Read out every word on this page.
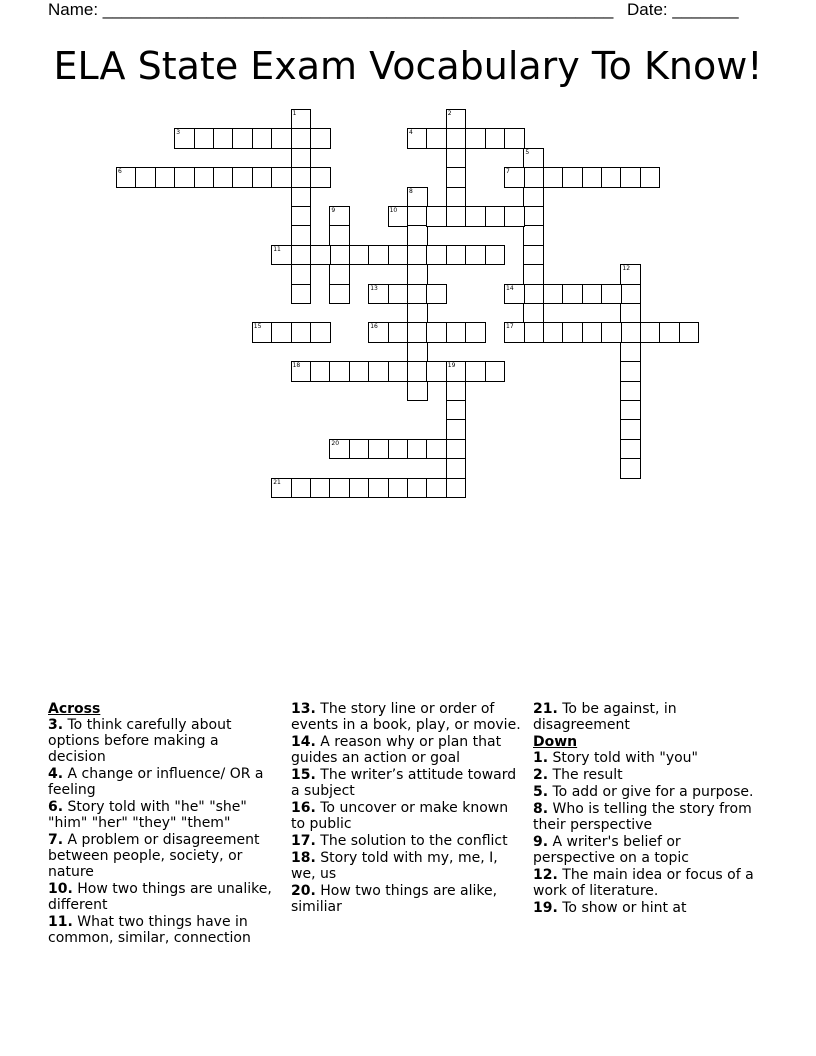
Name: ______________________________________________________ Date: _______
ELA State Exam Vocabulary To Know!
1	2
3	4
5
6	7
8
9	10
11
12
13	14
15	16	17
18	19
20
21
Across
3. To think carefully about options before making a decision
4. A change or influence/ OR a feeling
6. Story told with "he" "she" "him" "her" "they" "them"
7. A problem or disagreement between people, society, or nature
10. How two things are unalike, different
11. What two things have in common, similar, connection
13. The story line or order of events in a book, play, or movie.
14. A reason why or plan that guides an action or goal
15. The writer’s attitude toward a subject
16. To uncover or make known to public
17. The solution to the conflict
18. Story told with my, me, I, we, us
20. How two things are alike, similiar
21. To be against, in disagreement
Down
1. Story told with "you"
2. The result
5. To add or give for a purpose.
8. Who is telling the story from their perspective
9. A writer's belief or perspective on a topic
12. The main idea or focus of a work of literature.
19. To show or hint at
